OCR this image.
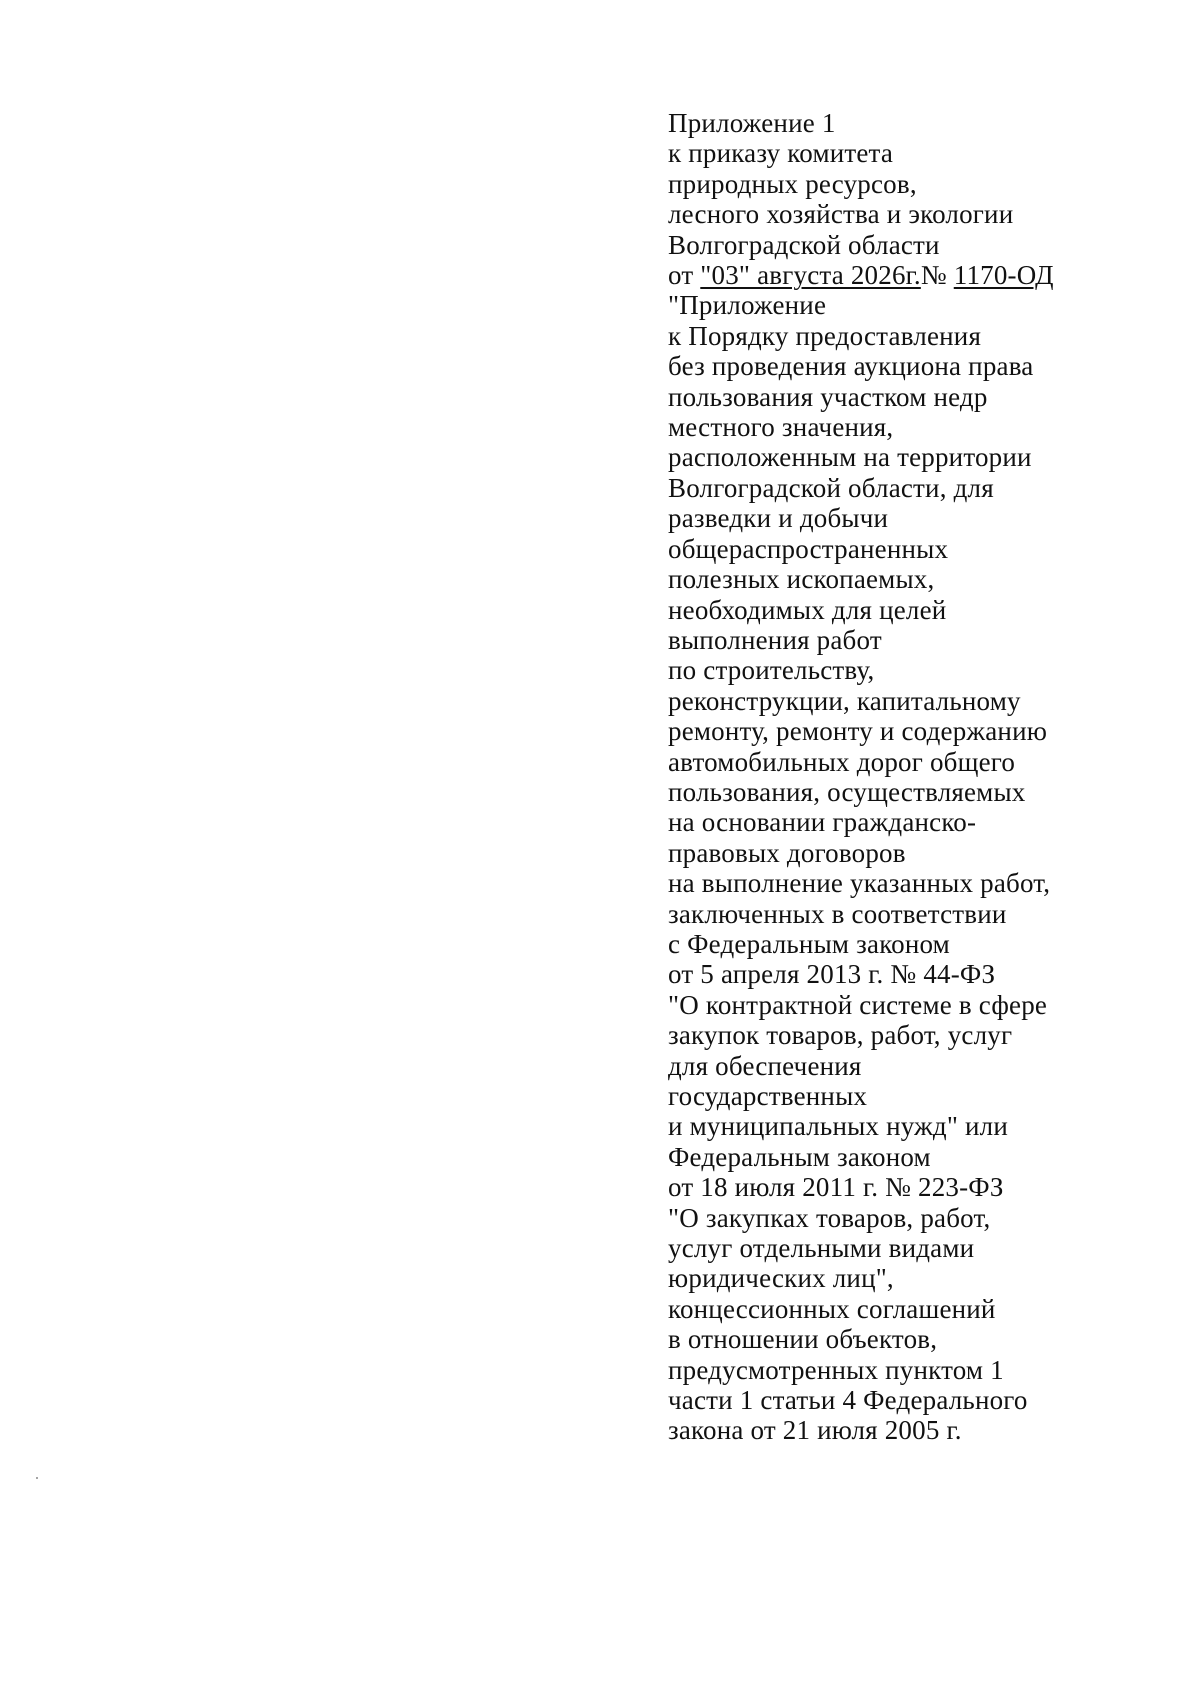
Приложение 1
к приказу комитета
природных ресурсов,
лесного хозяйства и экологии
Волгоградской области
от "03" августа 2026г.№ 1170-ОД
"Приложение
к Порядку предоставления
без проведения аукциона права
пользования участком недр
местного значения,
расположенным на территории
Волгоградской области, для
разведки и добычи
общераспространенных
полезных ископаемых,
необходимых для целей
выполнения работ
по строительству,
реконструкции, капитальному
ремонту, ремонту и содержанию
автомобильных дорог общего
пользования, осуществляемых
на основании гражданско-
правовых договоров
на выполнение указанных работ,
заключенных в соответствии
с Федеральным законом
от 5 апреля 2013 г. № 44-ФЗ
"О контрактной системе в сфере
закупок товаров, работ, услуг
для обеспечения
государственных
и муниципальных нужд" или
Федеральным законом
от 18 июля 2011 г. № 223-ФЗ
"О закупках товаров, работ,
услуг отдельными видами
юридических лиц",
концессионных соглашений
в отношении объектов,
предусмотренных пунктом 1
части 1 статьи 4 Федерального
закона от 21 июля 2005 г.
